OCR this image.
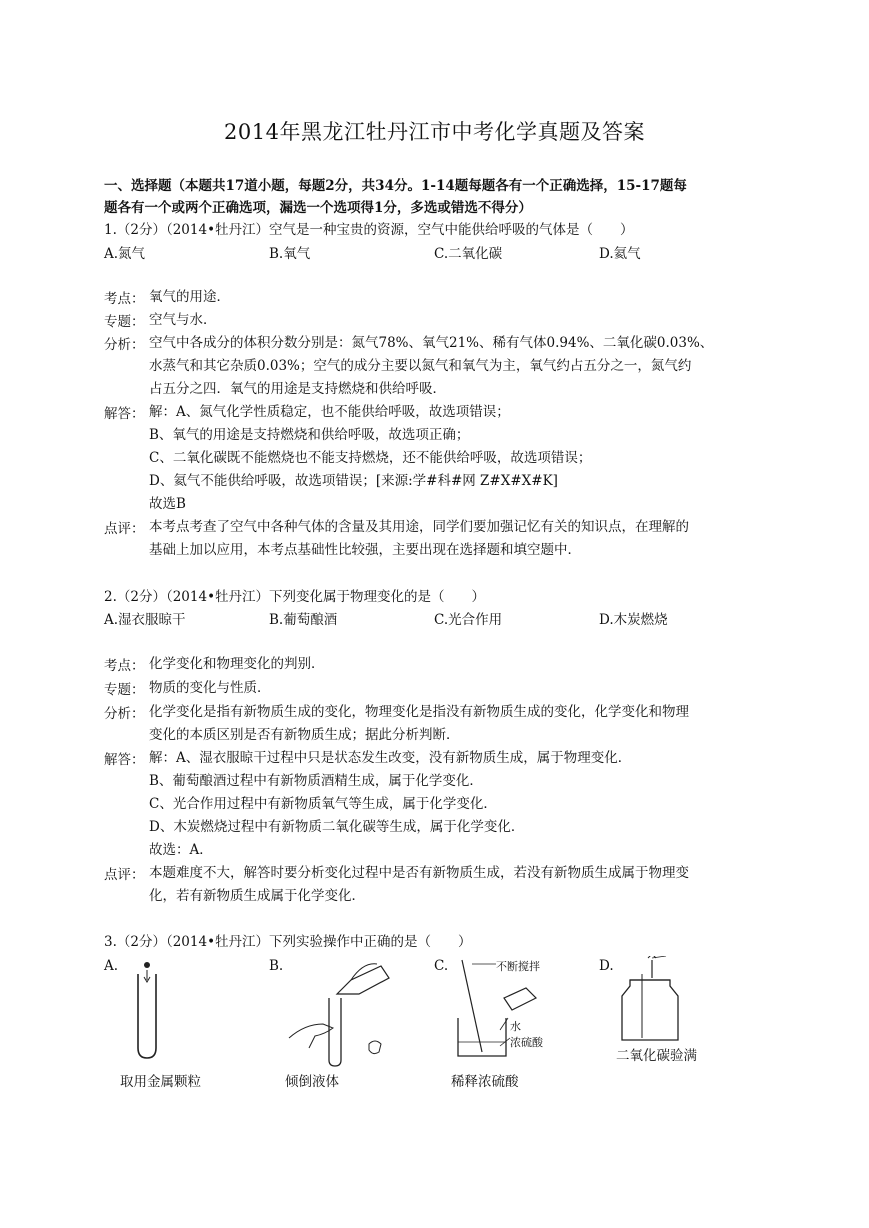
2014年黑龙江牡丹江市中考化学真题及答案
一、选择题（本题共17道小题，每题2分，共34分。1-14题每题各有一个正确选择，15-17题每
题各有一个或两个正确选项，漏选一个选项得1分，多选或错选不得分）
1.（2分）（2014•牡丹江）空气是一种宝贵的资源，空气中能供给呼吸的气体是（　　）
A.氮气	B.氧气	C.二氧化碳	D.氦气
考点： 氧气的用途．
专题： 空气与水．
分析： 空气中各成分的体积分数分别是：氮气78%、氧气21%、稀有气体0.94%、二氧化碳0.03%、
水蒸气和其它杂质0.03%；空气的成分主要以氮气和氧气为主，氧气约占五分之一，氮气约
占五分之四．氧气的用途是支持燃烧和供给呼吸．
解答： 解：A、氮气化学性质稳定，也不能供给呼吸，故选项错误；
B、氧气的用途是支持燃烧和供给呼吸，故选项正确；
C、二氧化碳既不能燃烧也不能支持燃烧，还不能供给呼吸，故选项错误；
D、氦气不能供给呼吸，故选项错误；[来源:学#科#网 Z#X#X#K]
故选B
点评： 本考点考查了空气中各种气体的含量及其用途，同学们要加强记忆有关的知识点，在理解的
基础上加以应用，本考点基础性比较强，主要出现在选择题和填空题中．
2.（2分）（2014•牡丹江）下列变化属于物理变化的是（　　）
A.湿衣服晾干	B.葡萄酿酒	C.光合作用	D.木炭燃烧
考点： 化学变化和物理变化的判别．
专题： 物质的变化与性质．
分析： 化学变化是指有新物质生成的变化，物理变化是指没有新物质生成的变化，化学变化和物理
变化的本质区别是否有新物质生成；据此分析判断．
解答： 解：A、湿衣服晾干过程中只是状态发生改变，没有新物质生成，属于物理变化．
B、葡萄酿酒过程中有新物质酒精生成，属于化学变化．
C、光合作用过程中有新物质氧气等生成，属于化学变化．
D、木炭燃烧过程中有新物质二氧化碳等生成，属于化学变化．
故选：A．
点评： 本题难度不大，解答时要分析变化过程中是否有新物质生成，若没有新物质生成属于物理变
化，若有新物质生成属于化学变化．
3.（2分）（2014•牡丹江）下列实验操作中正确的是（　　）
A.	B.	C.	D.
取用金属颗粒	倾倒液体
不断搅拌
水
浓硫酸
稀释浓硫酸
二氧化碳验满
